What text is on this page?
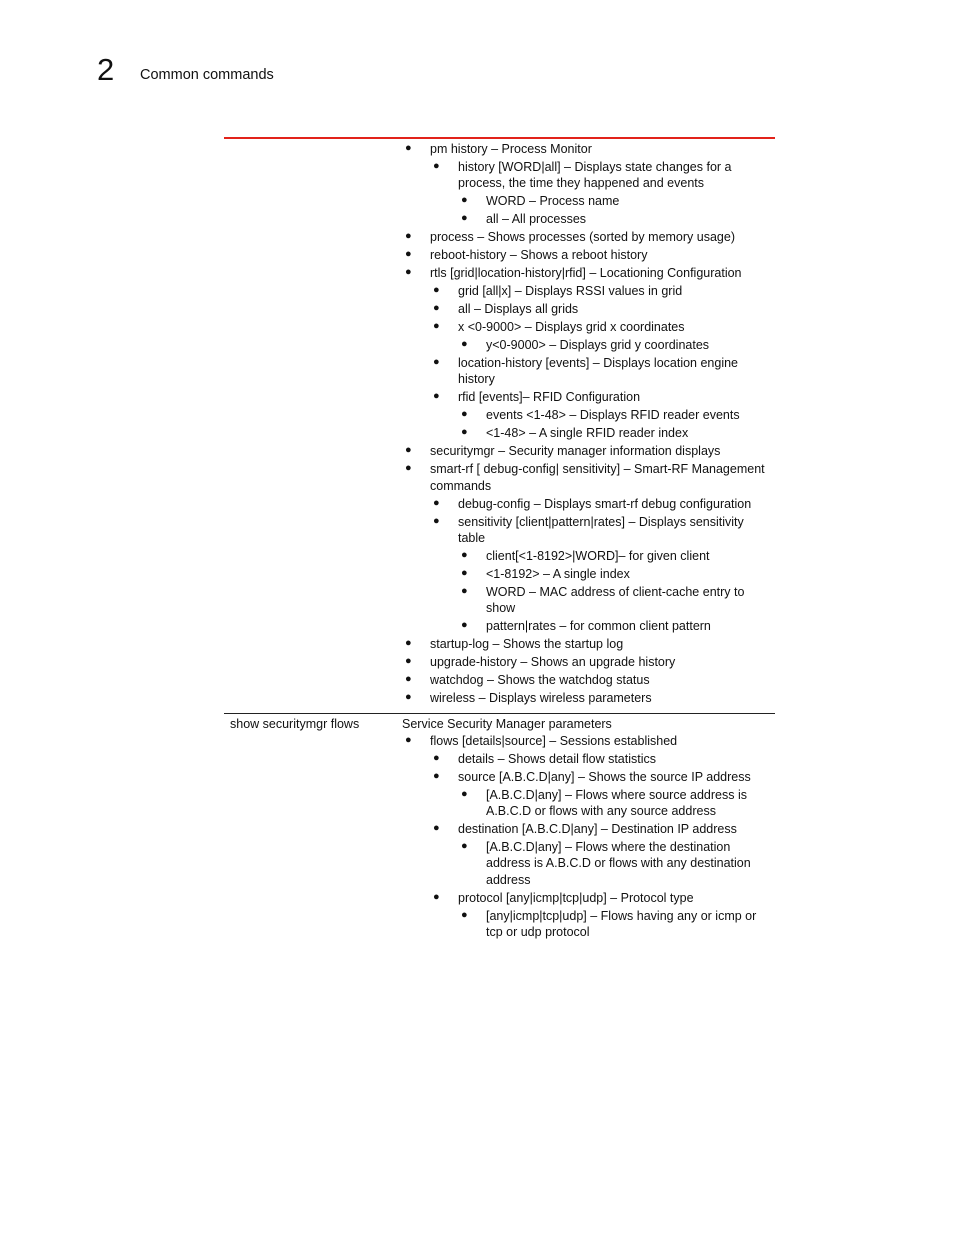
2 Common commands
● pm history – Process Monitor
● history [WORD|all] – Displays state changes for a process, the time they happened and events
● WORD – Process name
● all – All processes
● process – Shows processes (sorted by memory usage)
● reboot-history – Shows a reboot history
● rtls [grid|location-history|rfid] – Locationing Configuration
● grid [all|x] – Displays RSSI values in grid
● all – Displays all grids
● x <0-9000> – Displays grid x coordinates
● y<0-9000> – Displays grid y coordinates
● location-history [events] – Displays location engine history
● rfid [events]– RFID Configuration
● events <1-48> – Displays RFID reader events
● <1-48> – A single RFID reader index
● securitymgr – Security manager information displays
● smart-rf [ debug-config| sensitivity] – Smart-RF Management commands
● debug-config – Displays smart-rf debug configuration
● sensitivity [client|pattern|rates] – Displays sensitivity table
● client[<1-8192>|WORD]– for given client
● <1-8192> – A single index
● WORD – MAC address of client-cache entry to show
● pattern|rates – for common client pattern
● startup-log – Shows the startup log
● upgrade-history – Shows an upgrade history
● watchdog – Shows the watchdog status
● wireless – Displays wireless parameters
show securitymgr flows	Service Security Manager parameters
● flows [details|source] – Sessions established
● details – Shows detail flow statistics
● source [A.B.C.D|any] – Shows the source IP address
● [A.B.C.D|any] – Flows where source address is A.B.C.D or flows with any source address
● destination [A.B.C.D|any] – Destination IP address
● [A.B.C.D|any] – Flows where the destination address is A.B.C.D or flows with any destination address
● protocol [any|icmp|tcp|udp] – Protocol type
● [any|icmp|tcp|udp] – Flows having any or icmp or tcp or udp protocol
